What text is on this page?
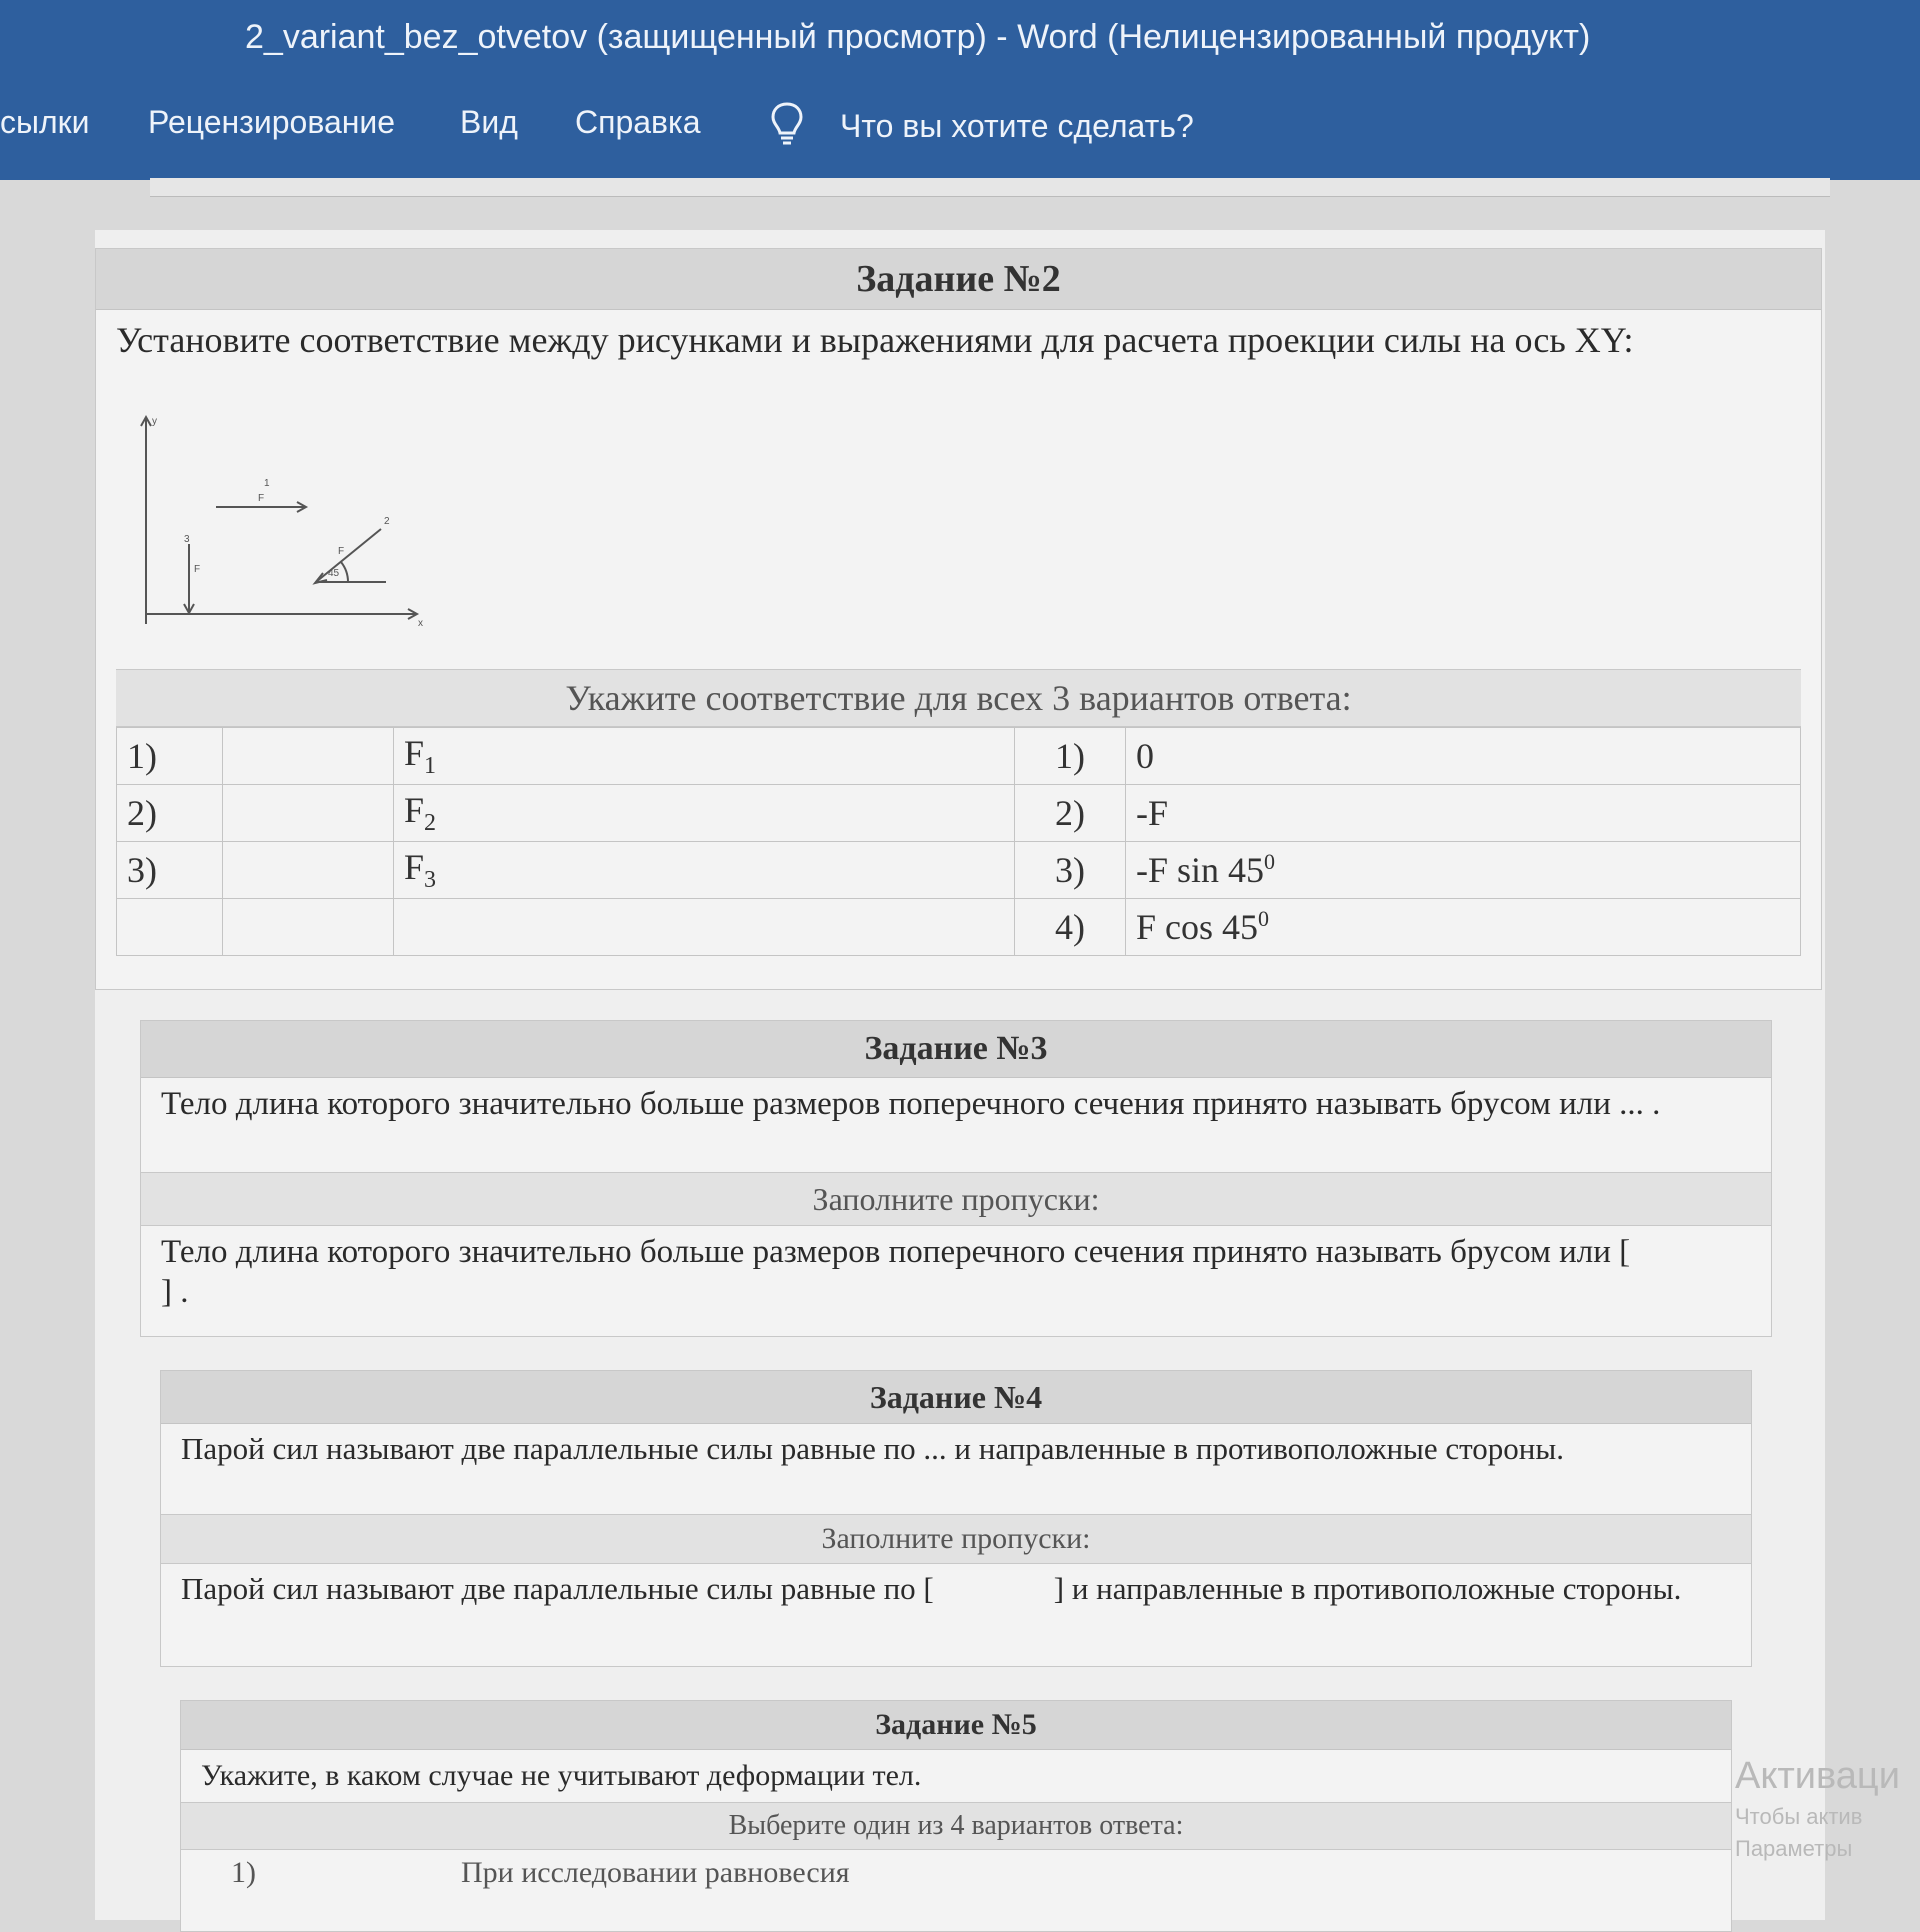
2_variant_bez_otvetov (защищенный просмотр) - Word (Нелицензированный продукт)
сылки Рецензирование Вид Справка	Что вы хотите сделать?
Задание №2
Установите соответствие между рисунками и выражениями для расчета проекции силы на ось XY:
y
x
1
F
3
F
2
F
45
Укажите соответствие для всех 3 вариантов ответа:
1)		$F_1$	1)	0
2)		$F_2$	2)	-F
3)		$F_3$	3)	-F $\sin 45^0$
			4)	F $\cos 45^0$
Задание №3
Тело длина которого значительно больше размеров поперечного сечения принято называть брусом или ... .
Заполните пропуски:
Тело длина которого значительно больше размеров поперечного сечения принято называть брусом или [] .
Задание №4
Парой сил называют две параллельные силы равные по ... и направленные в противоположные стороны.
Заполните пропуски:
Парой сил называют две параллельные силы равные по [	] и направленные в противоположные стороны.
Задание №5
Укажите, в каком случае не учитывают деформации тел.
Выберите один из 4 вариантов ответа:
1)	При исследовании равновесия
Активаци
Чтобы актив
Параметры
